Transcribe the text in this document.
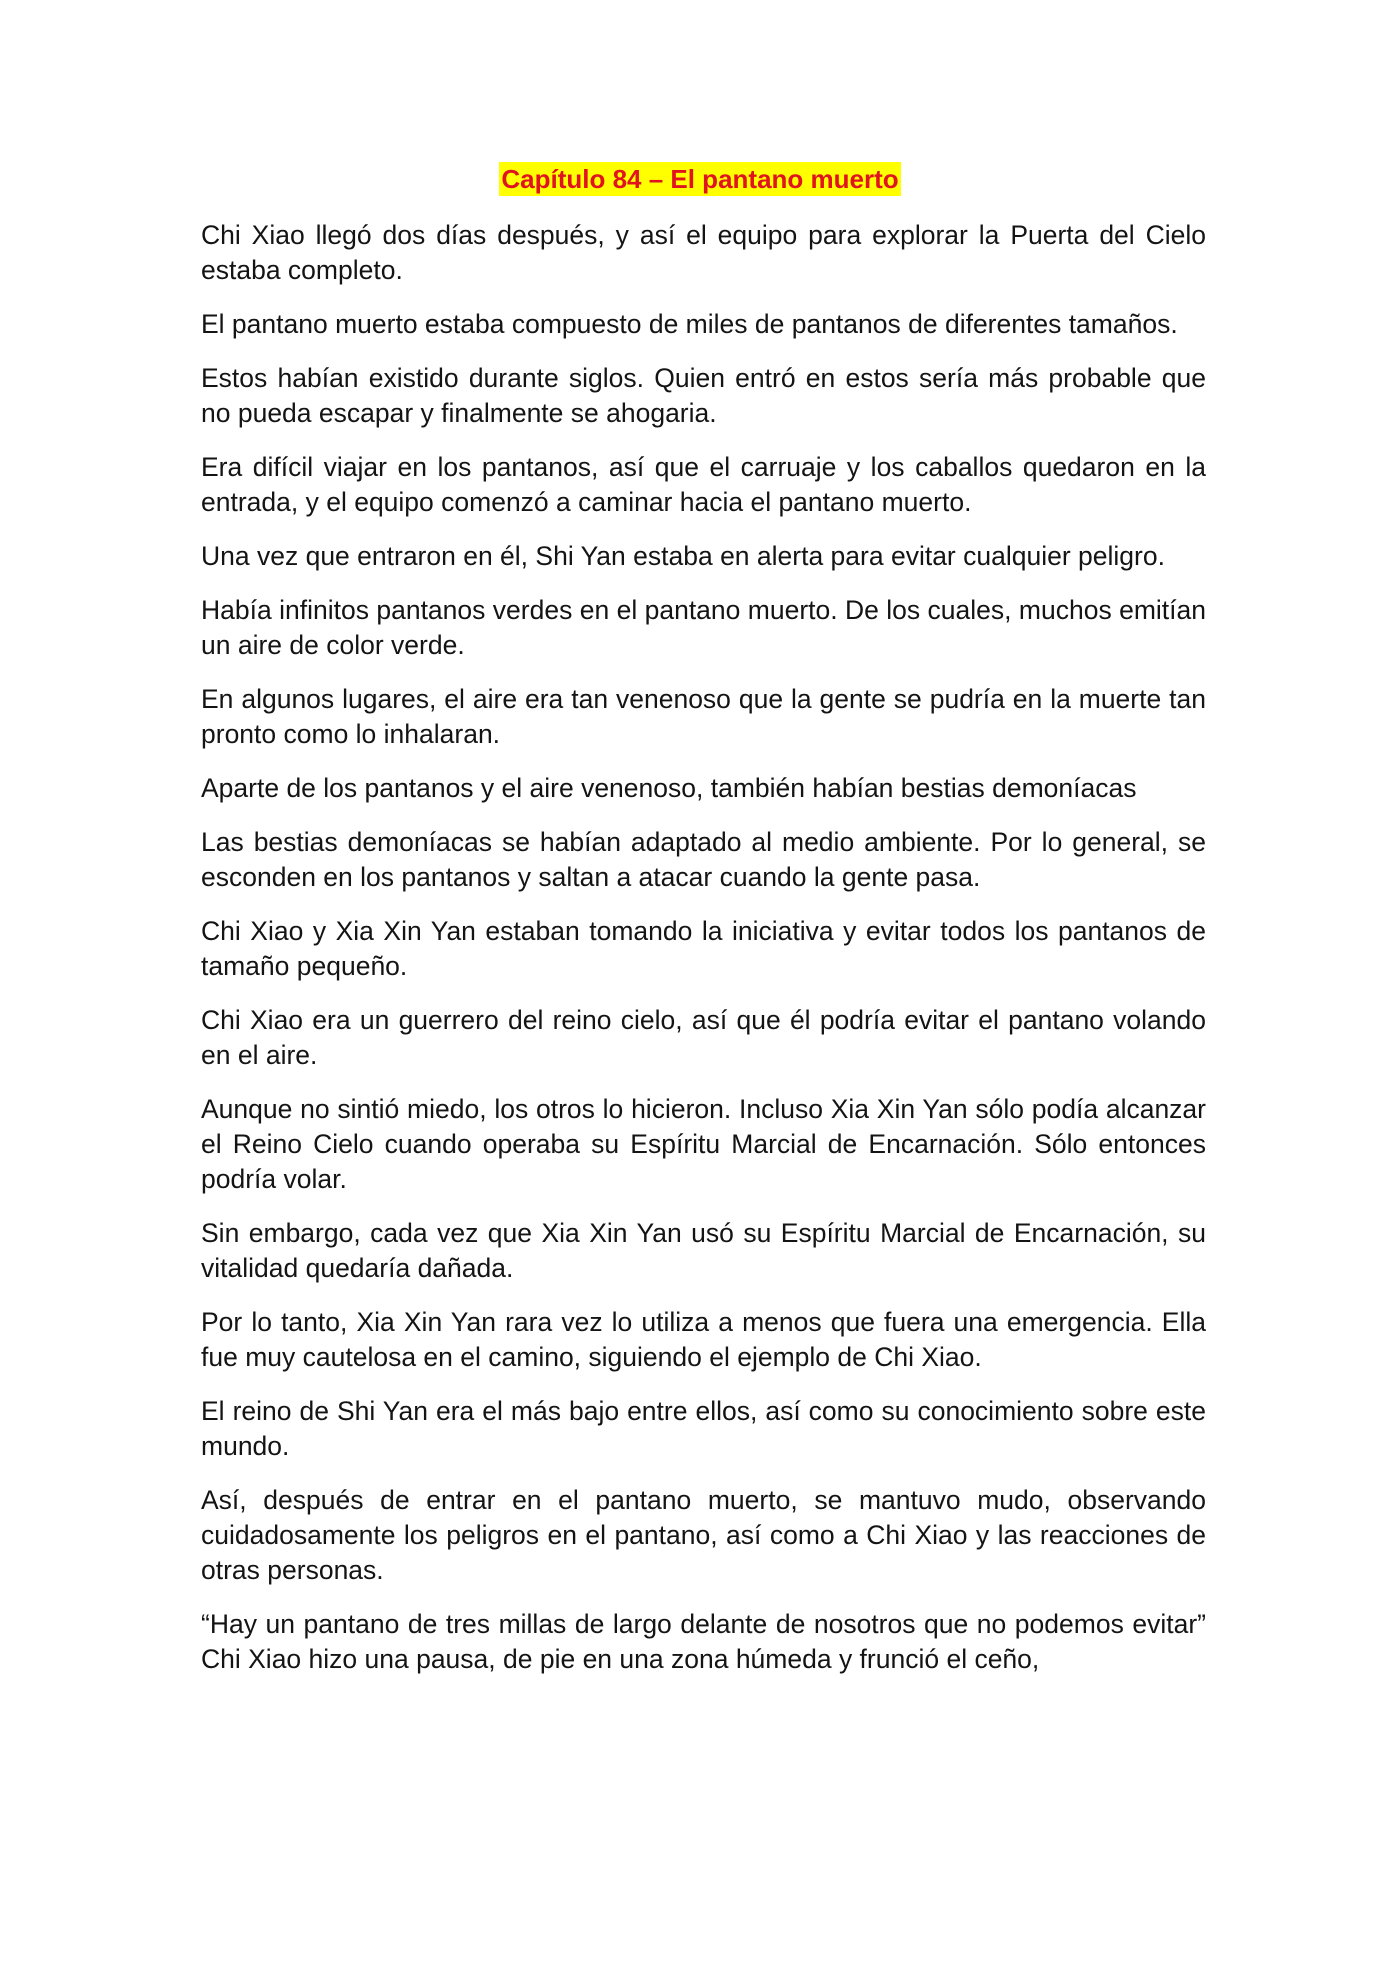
Capítulo 84 – El pantano muerto

Chi Xiao llegó dos días después, y así el equipo para explorar la Puerta del Cielo estaba completo.

El pantano muerto estaba compuesto de miles de pantanos de diferentes tamaños.

Estos habían existido durante siglos. Quien entró en estos sería más probable que no pueda escapar y finalmente se ahogaria.

Era difícil viajar en los pantanos, así que el carruaje y los caballos quedaron en la entrada, y el equipo comenzó a caminar hacia el pantano muerto.

Una vez que entraron en él, Shi Yan estaba en alerta para evitar cualquier peligro.

Había infinitos pantanos verdes en el pantano muerto. De los cuales, muchos emitían un aire de color verde.

En algunos lugares, el aire era tan venenoso que la gente se pudría en la muerte tan pronto como lo inhalaran.

Aparte de los pantanos y el aire venenoso, también habían bestias demoníacas

Las bestias demoníacas se habían adaptado al medio ambiente. Por lo general, se esconden en los pantanos y saltan a atacar cuando la gente pasa.

Chi Xiao y Xia Xin Yan estaban tomando la iniciativa y evitar todos los pantanos de tamaño pequeño.

Chi Xiao era un guerrero del reino cielo, así que él podría evitar el pantano volando en el aire.

Aunque no sintió miedo, los otros lo hicieron. Incluso Xia Xin Yan sólo podía alcanzar el Reino Cielo cuando operaba su Espíritu Marcial de Encarnación. Sólo entonces podría volar.

Sin embargo, cada vez que Xia Xin Yan usó su Espíritu Marcial de Encarnación, su vitalidad quedaría dañada.

Por lo tanto, Xia Xin Yan rara vez lo utiliza a menos que fuera una emergencia. Ella fue muy cautelosa en el camino, siguiendo el ejemplo de Chi Xiao.

El reino de Shi Yan era el más bajo entre ellos, así como su conocimiento sobre este mundo.

Así, después de entrar en el pantano muerto, se mantuvo mudo, observando cuidadosamente los peligros en el pantano, así como a Chi Xiao y las reacciones de otras personas.

“Hay un pantano de tres millas de largo delante de nosotros que no podemos evitar” Chi Xiao hizo una pausa, de pie en una zona húmeda y frunció el ceño,
